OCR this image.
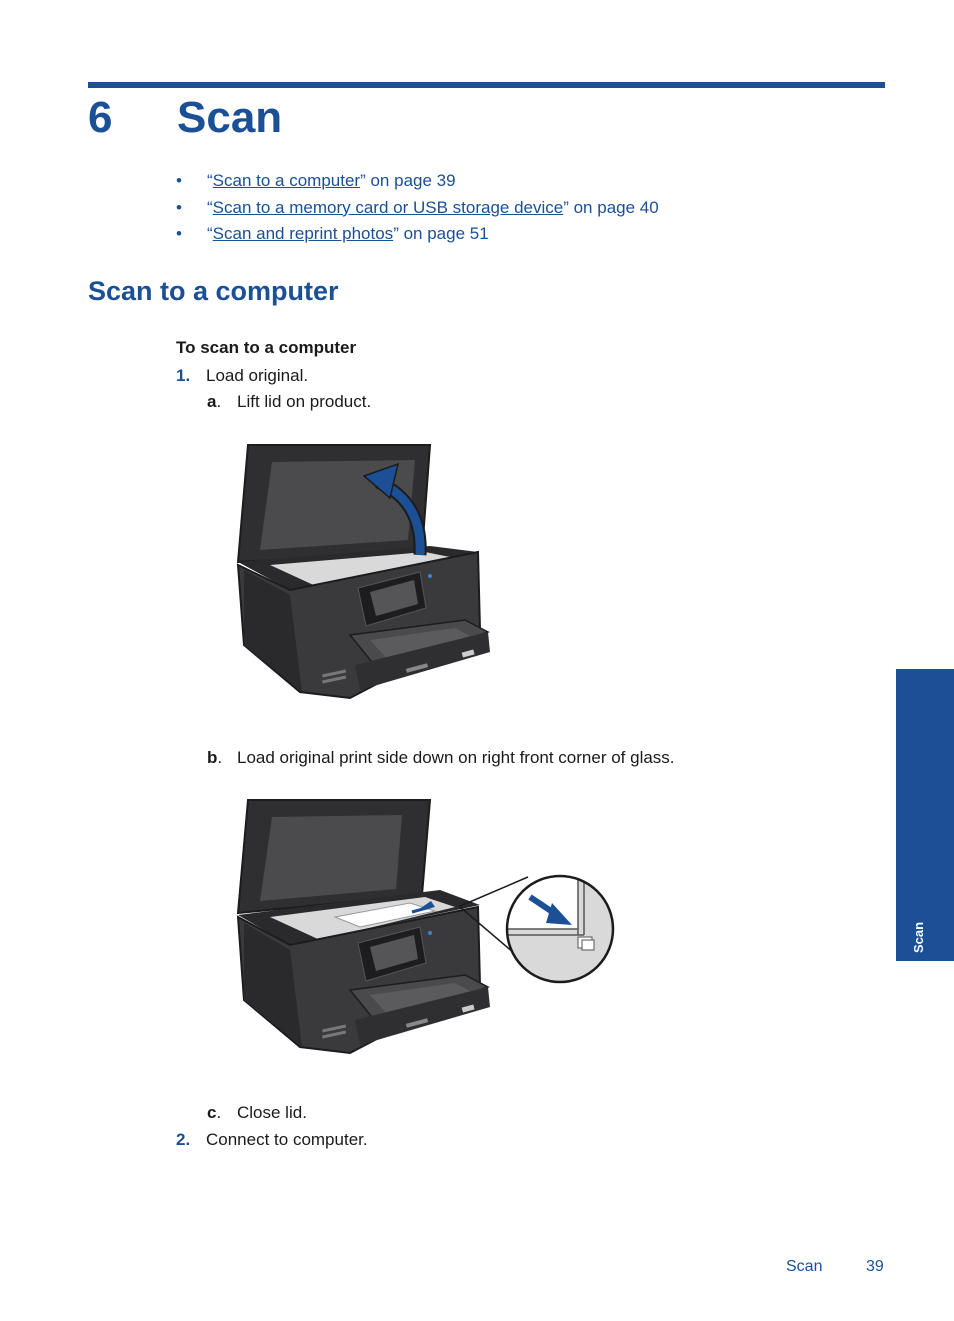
6 Scan
• “Scan to a computer” on page 39
• “Scan to a memory card or USB storage device” on page 40
• “Scan and reprint photos” on page 51
Scan to a computer
To scan to a computer
1. Load original.
a. Lift lid on product.
b. Load original print side down on right front corner of glass.
c. Close lid.
2. Connect to computer.
Scan
Scan	39
